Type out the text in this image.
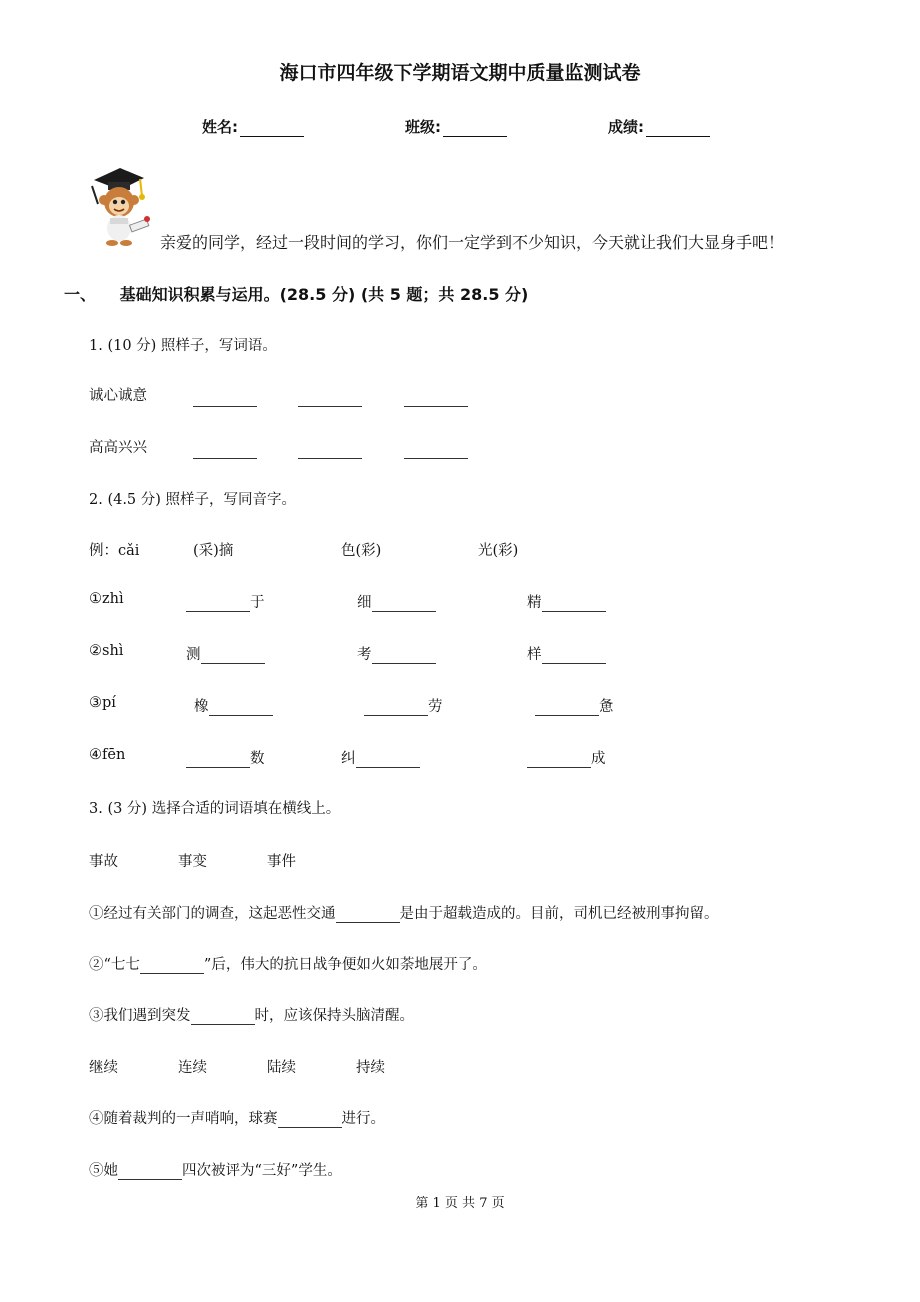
海口市四年级下学期语文期中质量监测试卷
姓名:	班级:	成绩:
亲爱的同学，经过一段时间的学习，你们一定学到不少知识，今天就让我们大显身手吧！
一、 基础知识积累与运用。(28.5 分) (共 5 题；共 28.5 分)
1. (10 分) 照样子，写词语。
诚心诚意
高高兴兴
2. (4.5 分) 照样子，写同音字。
例：cǎi	(采)摘	色(彩)	光(彩)
①zhì	于	细	精
②shì	测	考	样
③pí	橡	劳	惫
④fēn	数	纠	成
3. (3 分) 选择合适的词语填在横线上。
事故	事变	事件
①经过有关部门的调查，这起恶性交通	是由于超载造成的。目前，司机已经被刑事拘留。
②“七七	”后，伟大的抗日战争便如火如荼地展开了。
③我们遇到突发	时，应该保持头脑清醒。
继续	连续	陆续	持续
④随着裁判的一声哨响，球赛	进行。
⑤她	四次被评为“三好”学生。
第 1 页 共 7 页
